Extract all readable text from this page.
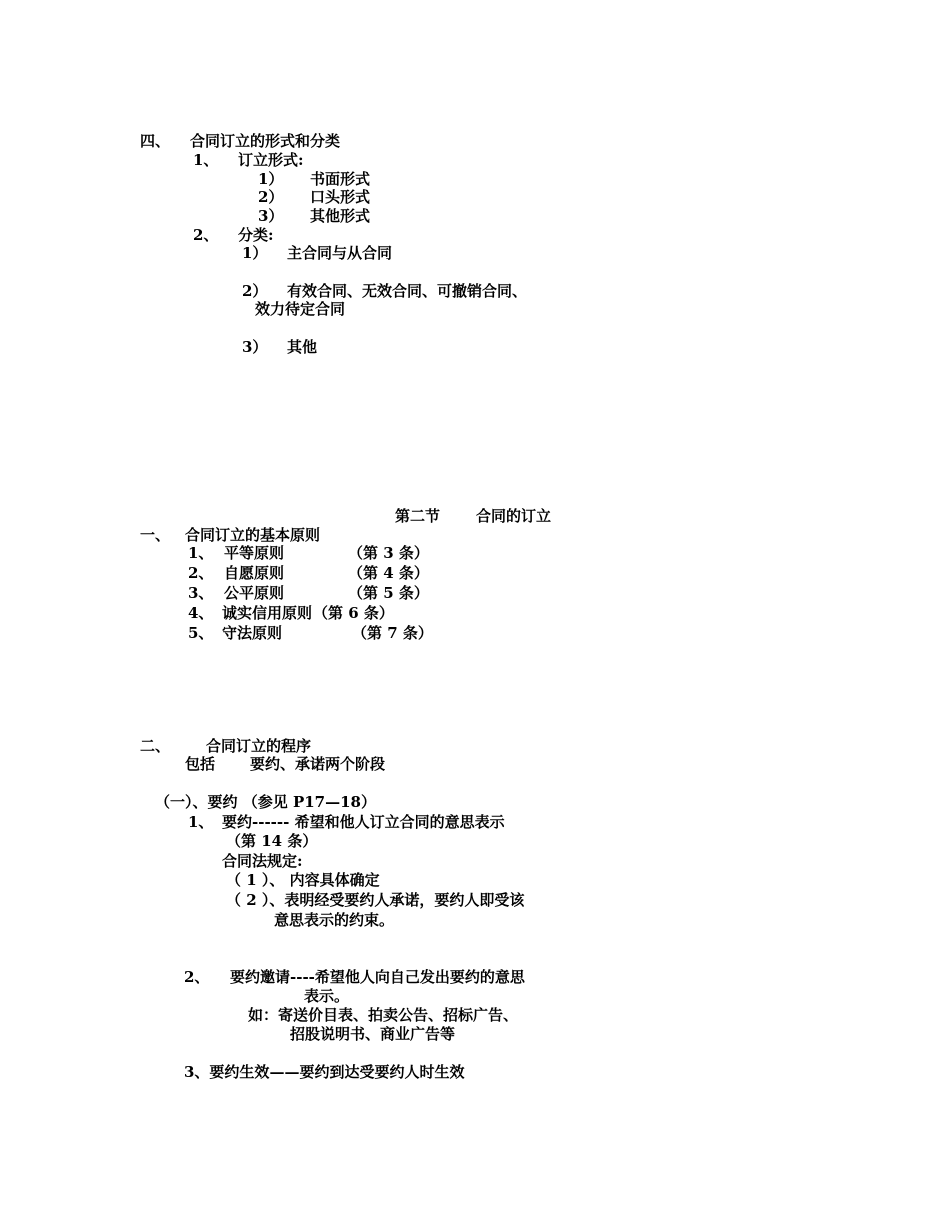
四、 合同订立的形式和分类
1、 订立形式:
1） 书面形式
2） 口头形式
3） 其他形式
2、 分类:
1） 主合同与从合同
2） 有效合同、无效合同、可撤销合同、
效力待定合同
3） 其他
第二节 合同的订立
一、 合同订立的基本原则
1、 平等原则	（第 3 条）
2、 自愿原则	（第 4 条）
3、 公平原则	（第 5 条）
4、 诚实信用原则 （第 6 条）
5、 守法原则	（第 7 条）
二、 合同订立的程序
包括 要约、承诺两个阶段
（一）、要约 （参见 P17—18）
1、 要约------ 希望和他人订立合同的意思表示
（第 14 条）
合同法规定:
（ 1 ）、 内容具体确定
（ 2 ）、表明经受要约人承诺，要约人即受该
意思表示的约束。
2、 要约邀请----希望他人向自己发出要约的意思
表示。
如：寄送价目表、拍卖公告、招标广告、
招股说明书、商业广告等
3、要约生效——要约到达受要约人时生效
